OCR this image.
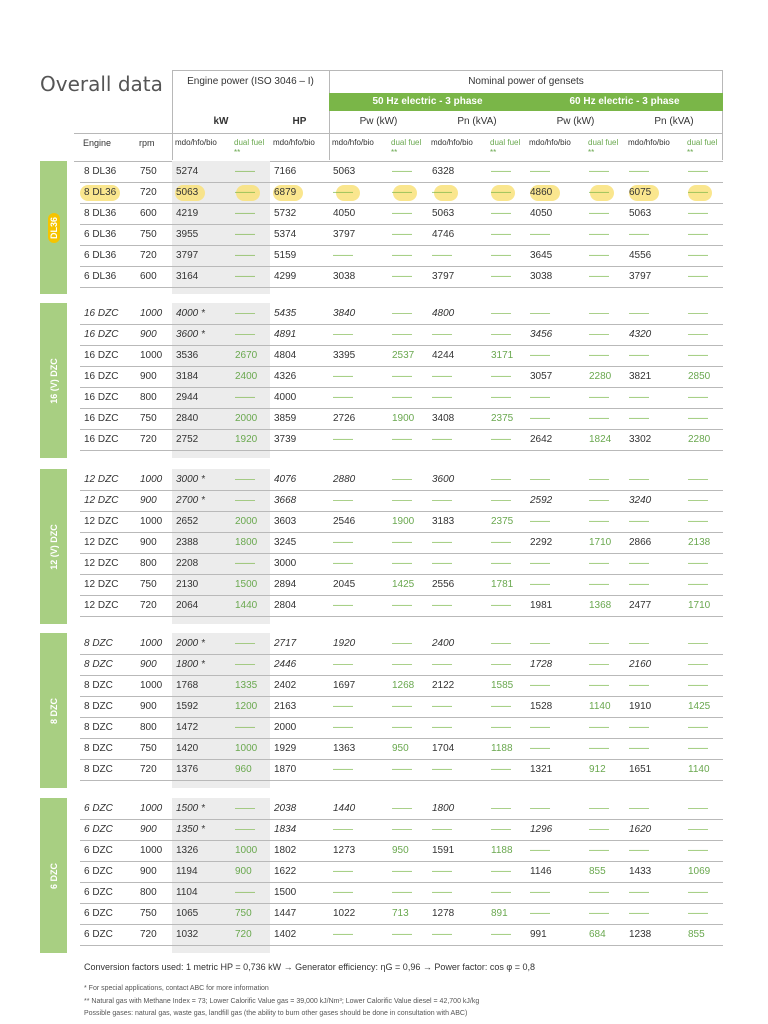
Overall data	Engine power (ISO 3046 – I)	Nominal power of gensets
50 Hz electric - 3 phase	60 Hz electric - 3 phase
kW	HP	Pw (kW)	Pn (kVA)	Pw (kW)	Pn (kVA)
Engine	rpm	mdo/hfo/bio	dual fuel **
mdo/hfo/bio	mdo/hfo/bio	dual fuel **
mdo/hfo/bio	dual fuel **
mdo/hfo/bio	dual fuel **
mdo/hfo/bio	dual fuel **
DL36
16 (V) DZC
12 (V) DZC
8 DZC
6 DZC
8 DL36	750	5274	——	7166	5063	——	6328	——	——	——	——	——
8 DL36	720	5063	——	6879	——	——	——	——	4860	——	6075	——
8 DL36	600	4219	——	5732	4050	——	5063	——	4050	——	5063	——
6 DL36	750	3955	——	5374	3797	——	4746	——	——	——	——	——
6 DL36	720	3797	——	5159	——	——	——	——	3645	——	4556	——
6 DL36	600	3164	——	4299	3038	——	3797	——	3038	——	3797	——
16 DZC	1000	4000 *	——	5435	3840	——	4800	——	——	——	——	——
16 DZC	900	3600 *	——	4891	——	——	——	——	3456	——	4320	——
16 DZC	1000	3536	2670	4804	3395	2537	4244	3171	——	——	——	——
16 DZC	900	3184	2400	4326	——	——	——	——	3057	2280	3821	2850
16 DZC	800	2944	——	4000	——	——	——	——	——	——	——	——
16 DZC	750	2840	2000	3859	2726	1900	3408	2375	——	——	——	——
16 DZC	720	2752	1920	3739	——	——	——	——	2642	1824	3302	2280
12 DZC	1000	3000 *	——	4076	2880	——	3600	——	——	——	——	——
12 DZC	900	2700 *	——	3668	——	——	——	——	2592	——	3240	——
12 DZC	1000	2652	2000	3603	2546	1900	3183	2375	——	——	——	——
12 DZC	900	2388	1800	3245	——	——	——	——	2292	1710	2866	2138
12 DZC	800	2208	——	3000	——	——	——	——	——	——	——	——
12 DZC	750	2130	1500	2894	2045	1425	2556	1781	——	——	——	——
12 DZC	720	2064	1440	2804	——	——	——	——	1981	1368	2477	1710
8 DZC	1000	2000 *	——	2717	1920	——	2400	——	——	——	——	——
8 DZC	900	1800 *	——	2446	——	——	——	——	1728	——	2160	——
8 DZC	1000	1768	1335	2402	1697	1268	2122	1585	——	——	——	——
8 DZC	900	1592	1200	2163	——	——	——	——	1528	1140	1910	1425
8 DZC	800	1472	——	2000	——	——	——	——	——	——	——	——
8 DZC	750	1420	1000	1929	1363	950	1704	1188	——	——	——	——
8 DZC	720	1376	960	1870	——	——	——	——	1321	912	1651	1140
6 DZC	1000	1500 *	——	2038	1440	——	1800	——	——	——	——	——
6 DZC	900	1350 *	——	1834	——	——	——	——	1296	——	1620	——
6 DZC	1000	1326	1000	1802	1273	950	1591	1188	——	——	——	——
6 DZC	900	1194	900	1622	——	——	——	——	1146	855	1433	1069
6 DZC	800	1104	——	1500	——	——	——	——	——	——	——	——
6 DZC	750	1065	750	1447	1022	713	1278	891	——	——	——	——
6 DZC	720	1032	720	1402	——	——	——	——	991	684	1238	855
Conversion factors used: 1 metric HP = 0,736 kW → Generator efficiency: ηG = 0,96 → Power factor: cos φ = 0,8
* For special applications, contact ABC for more information
** Natural gas with Methane Index = 73; Lower Calorific Value gas = 39,000 kJ/Nm³; Lower Calorific Value diesel = 42,700 kJ/kg
Possible gases: natural gas, waste gas, landfill gas (the ability to burn other gases should be done in consultation with ABC)
